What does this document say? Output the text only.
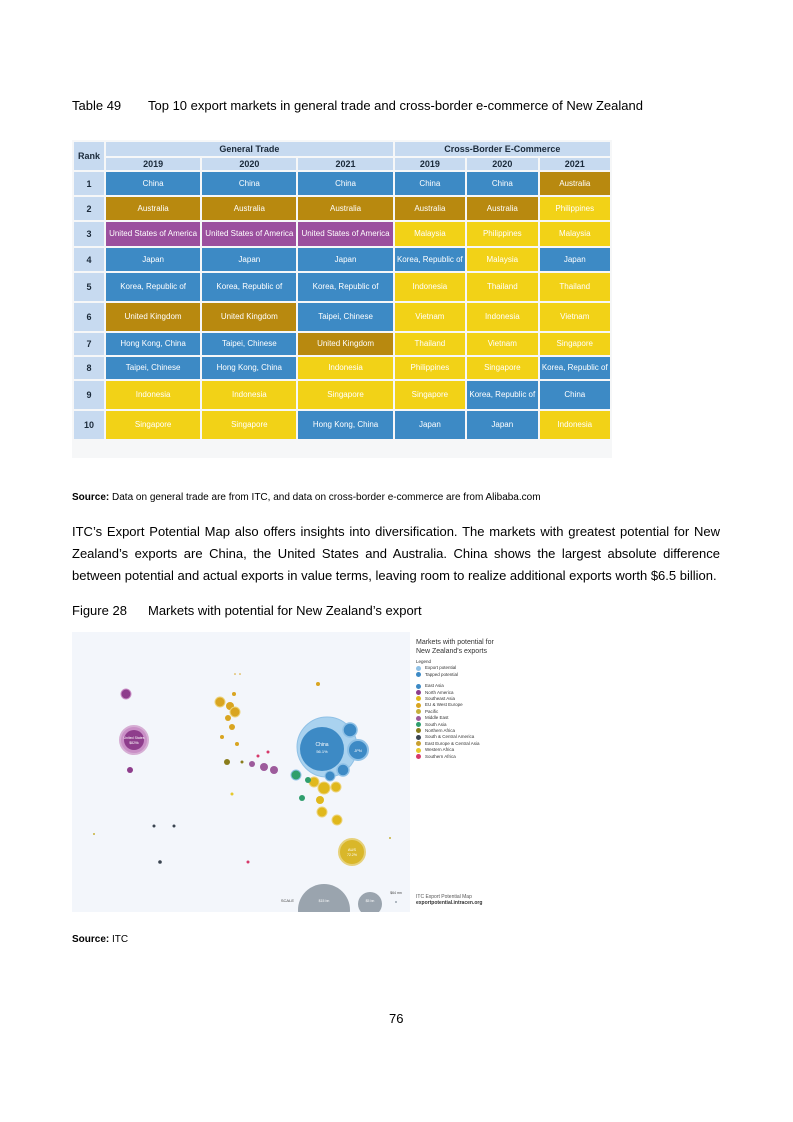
Table 49 Top 10 export markets in general trade and cross-border e-commerce of New Zealand
Rank	General Trade			Cross-Border E-Commerce		
	2019	2020	2021	2019	2020	2021
1	China	China	China	China	China	Australia
2	Australia	Australia	Australia	Australia	Australia	Philippines
3	United States of America	United States of America	United States of America	Malaysia	Philippines	Malaysia
4	Japan	Japan	Japan	Korea, Republic of	Malaysia	Japan
5	Korea, Republic of	Korea, Republic of	Korea, Republic of	Indonesia	Thailand	Thailand
6	United Kingdom	United Kingdom	Taipei, Chinese	Vietnam	Indonesia	Vietnam
7	Hong Kong, China	Taipei, Chinese	United Kingdom	Thailand	Vietnam	Singapore
8	Taipei, Chinese	Hong Kong, China	Indonesia	Philippines	Singapore	Korea, Republic of
9	Indonesia	Indonesia	Singapore	Singapore	Korea, Republic of	China
10	Singapore	Singapore	Hong Kong, China	Japan	Japan	Indonesia
Source: Data on general trade are from ITC, and data on cross-border e-commerce are from Alibaba.com
ITC’s Export Potential Map also offers insights into diversification. The markets with greatest potential for New Zealand’s exports are China, the United States and Australia. China shows the largest absolute difference between potential and actual exports in value terms, leaving room to realize additional exports worth $6.5 billion.
Figure 28 Markets with potential for New Zealand’s export
China
56.1%	JPN
United States
$829k
AUS
72.2%
SCALE	$15 bn	$5 bn
$64 mn
Markets with potential for
New Zealand's exports
Legend
Export potential
Tapped potential
East Asia
North America
Southeast Asia
EU & West Europe
Pacific
Middle East
South Asia
Northern Africa
South & Central America
East Europe & Central Asia
Western Africa
Southern Africa
ITC Export Potential Map
exportpotential.intracen.org
Source: ITC
76
